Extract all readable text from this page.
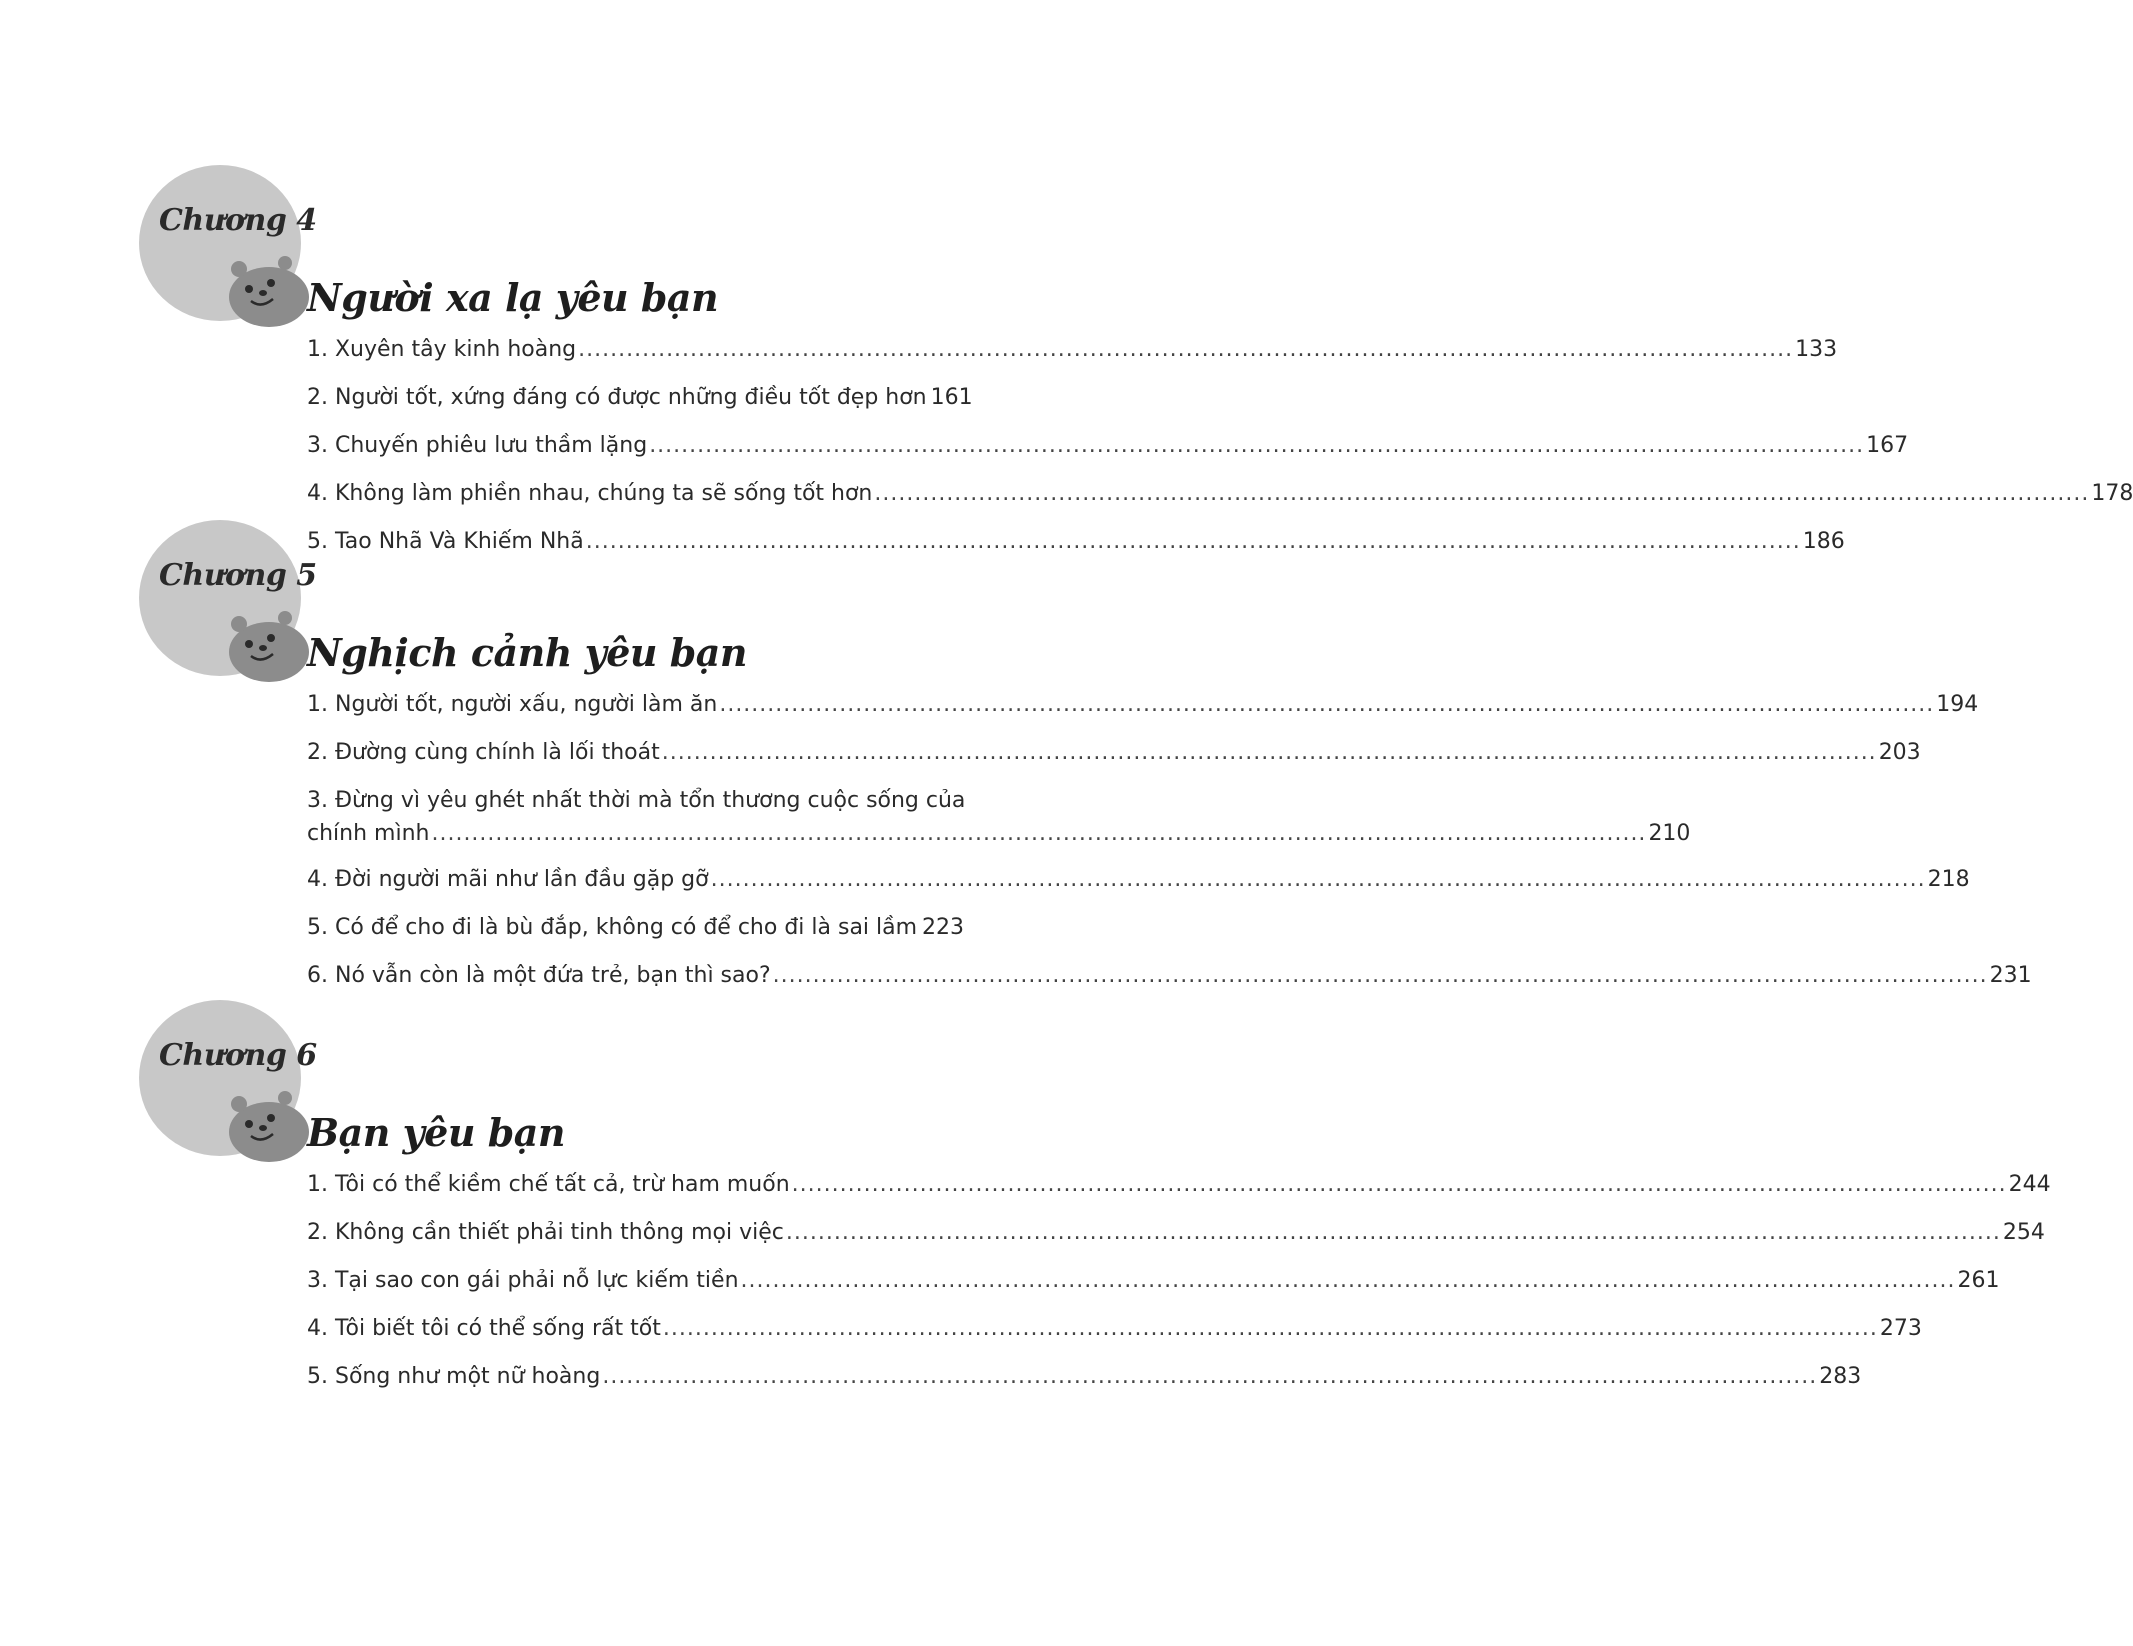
Chương 4
Người xa lạ yêu bạn
1. Xuyên tây kinh hoàng ........................................................................................................................................................ 133
2. Người tốt, xứng đáng có được những điều tốt đẹp hơn 161
3. Chuyến phiêu lưu thầm lặng ........................................................................................................................................................ 167
4. Không làm phiền nhau, chúng ta sẽ sống tốt hơn ........................................................................................................................................................ 178
5. Tao Nhã Và Khiếm Nhã ........................................................................................................................................................ 186
Chương 5
Nghịch cảnh yêu bạn
1. Người tốt, người xấu, người làm ăn ........................................................................................................................................................ 194
2. Đường cùng chính là lối thoát ........................................................................................................................................................ 203
3. Đừng vì yêu ghét nhất thời mà tổn thương cuộc sống của
chính mình ........................................................................................................................................................ 210
4. Đời người mãi như lần đầu gặp gỡ ........................................................................................................................................................ 218
5. Có để cho đi là bù đắp, không có để cho đi là sai lầm 223
6. Nó vẫn còn là một đứa trẻ, bạn thì sao? ........................................................................................................................................................ 231
Chương 6
Bạn yêu bạn
1. Tôi có thể kiềm chế tất cả, trừ ham muốn ........................................................................................................................................................ 244
2. Không cần thiết phải tinh thông mọi việc ........................................................................................................................................................ 254
3. Tại sao con gái phải nỗ lực kiếm tiền ........................................................................................................................................................ 261
4. Tôi biết tôi có thể sống rất tốt ........................................................................................................................................................ 273
5. Sống như một nữ hoàng ........................................................................................................................................................ 283
